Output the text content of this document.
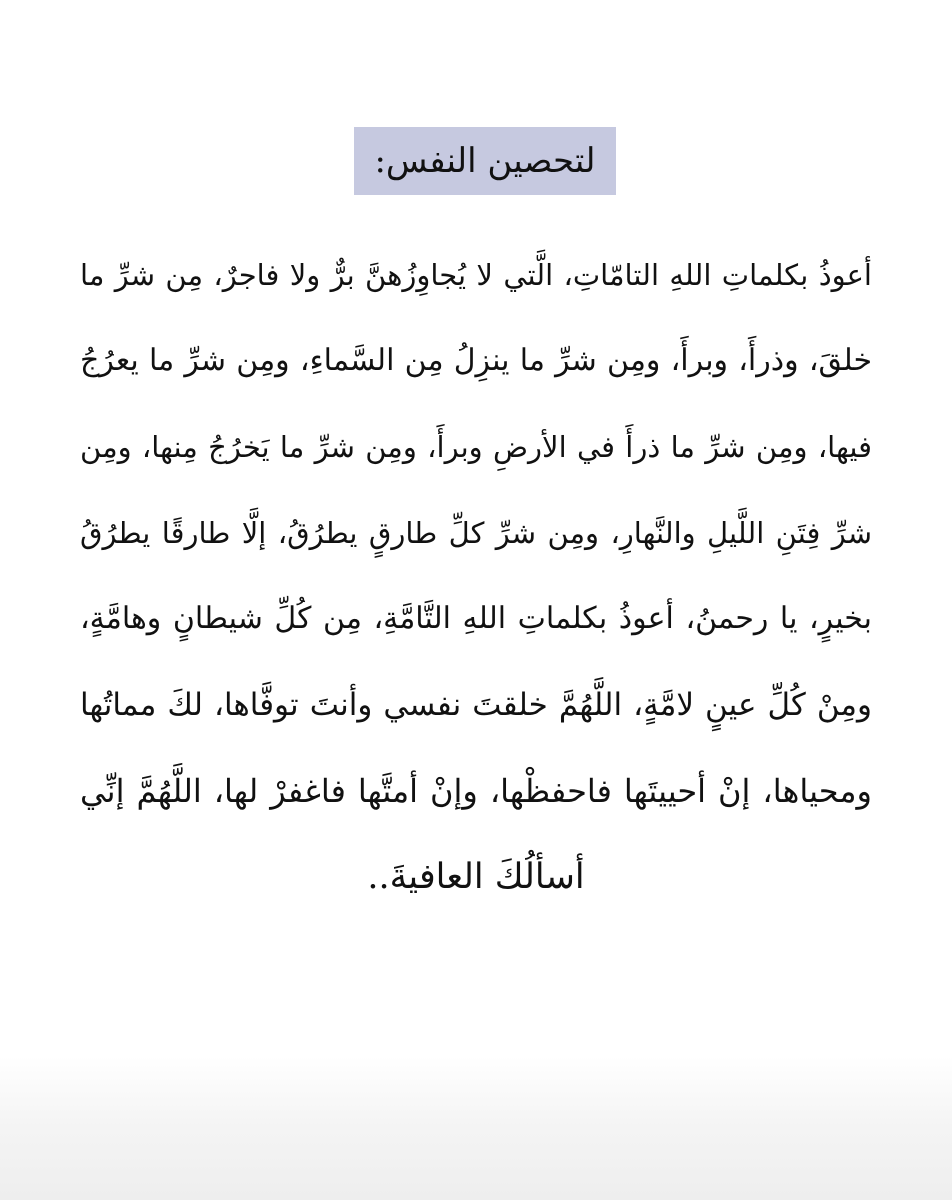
لتحصين النفس:
أعوذُ بكلماتِ اللهِ التامّاتِ، الَّتي لا يُجاوِزُهنَّ برٌّ ولا فاجرٌ، مِن شرِّ ما
خلقَ، وذرأَ، وبرأَ، ومِن شرِّ ما ينزِلُ مِن السَّماءِ، ومِن شرِّ ما يعرُجُ
فيها، ومِن شرِّ ما ذرأَ في الأرضِ وبرأَ، ومِن شرِّ ما يَخرُجُ مِنها، ومِن
شرِّ فِتَنِ اللَّيلِ والنَّهارِ، ومِن شرِّ كلِّ طارقٍ يطرُقُ، إلَّا طارقًا يطرُقُ
بخيرٍ، يا رحمنُ، أعوذُ بكلماتِ اللهِ التَّامَّةِ، مِن كُلِّ شيطانٍ وهامَّةٍ،
ومِنْ كُلِّ عينٍ لامَّةٍ، اللَّهُمَّ خلقتَ نفسي وأنتَ توفَّاها، لكَ مماتُها
ومحياها، إنْ أحييتَها فاحفظْها، وإنْ أمتَّها فاغفرْ لها، اللَّهُمَّ إنِّي
أسألُكَ العافيةَ..
